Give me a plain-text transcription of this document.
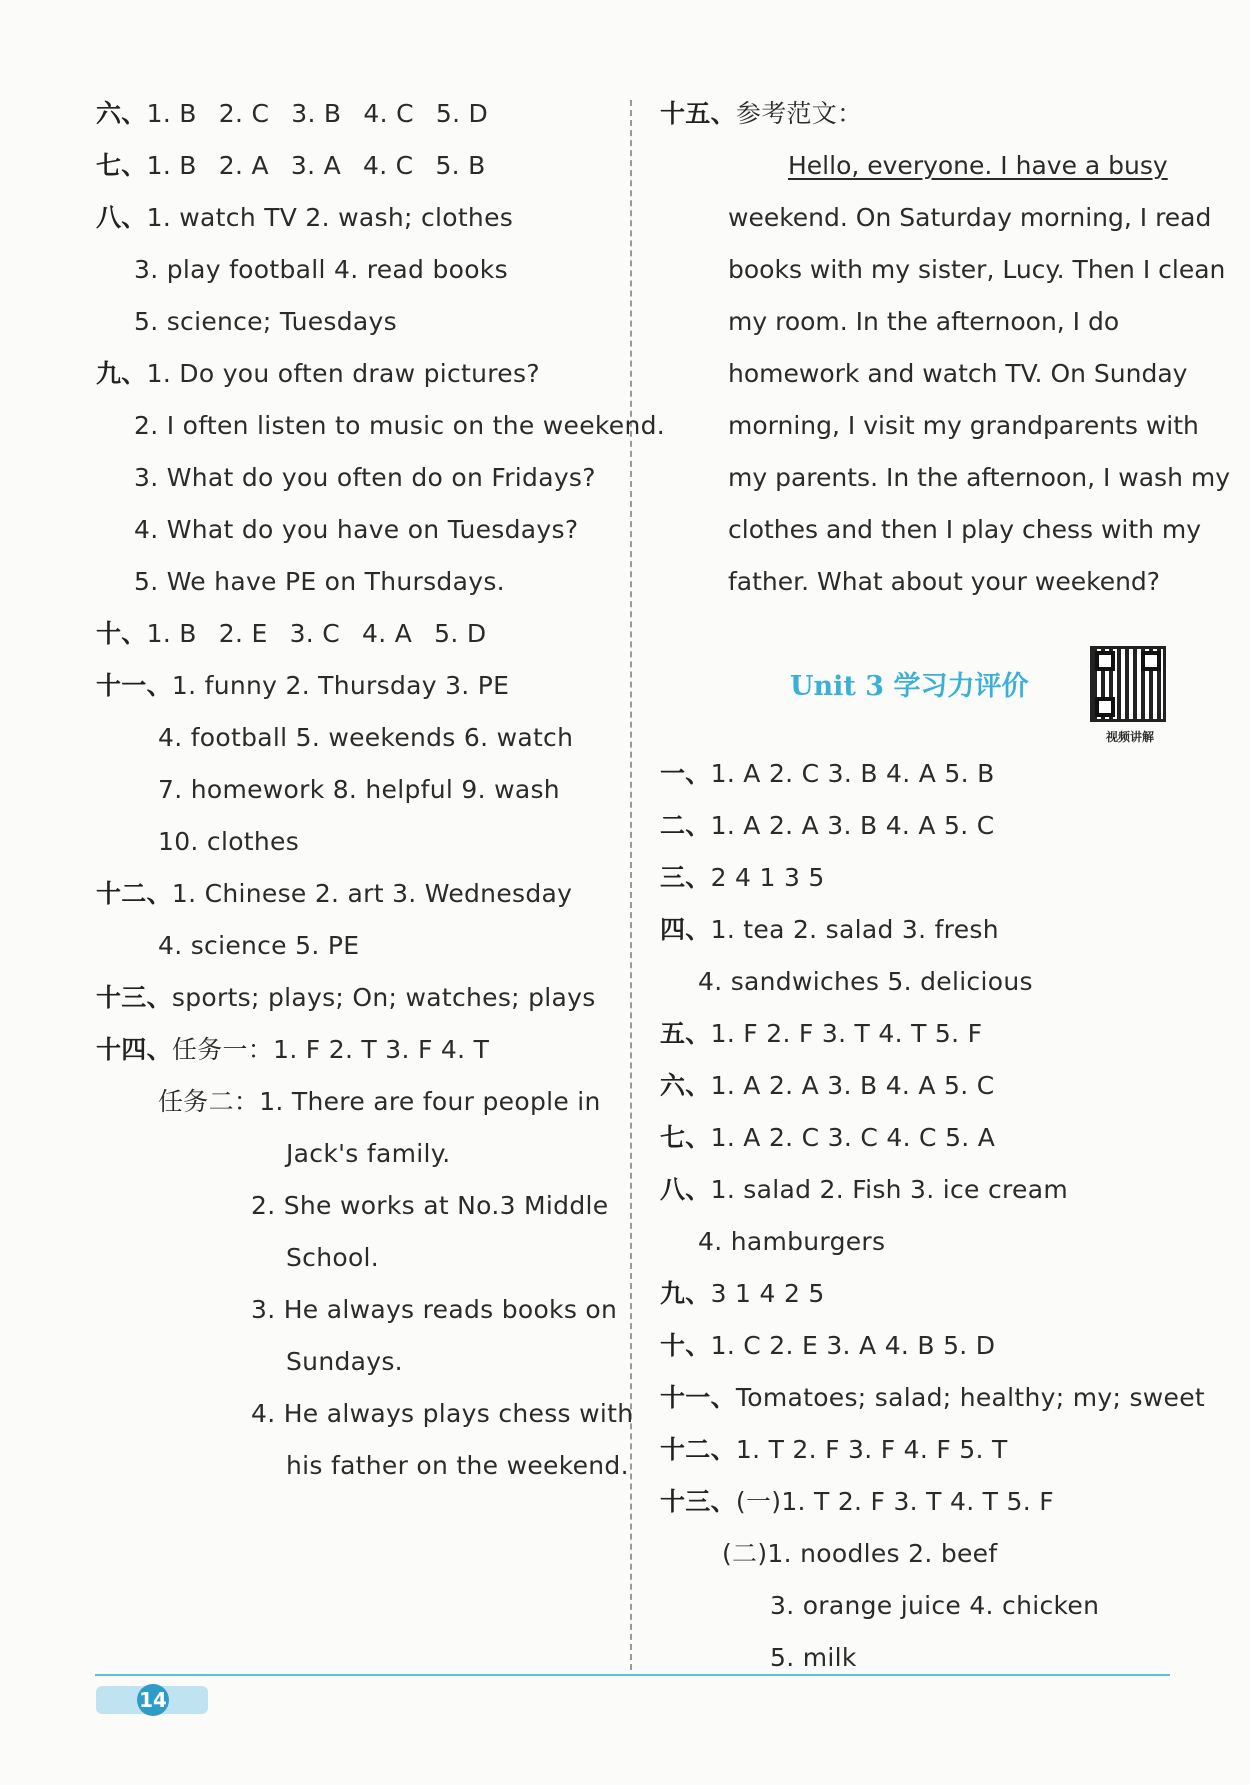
六、1. B 2. C 3. B 4. C 5. D
七、1. B 2. A 3. A 4. C 5. B
八、1. watch TV 2. wash; clothes
3. play football 4. read books
5. science; Tuesdays
九、1. Do you often draw pictures?
2. I often listen to music on the weekend.
3. What do you often do on Fridays?
4. What do you have on Tuesdays?
5. We have PE on Thursdays.
十、1. B 2. E 3. C 4. A 5. D
十一、1. funny 2. Thursday 3. PE
4. football 5. weekends 6. watch
7. homework 8. helpful 9. wash
10. clothes
十二、1. Chinese 2. art 3. Wednesday
4. science 5. PE
十三、sports; plays; On; watches; plays
十四、任务一：1. F 2. T 3. F 4. T
任务二：1. There are four people in
Jack's family.
2. She works at No.3 Middle
School.
3. He always reads books on
Sundays.
4. He always plays chess with
his father on the weekend.
十五、参考范文：
Hello, everyone. I have a busy
weekend. On Saturday morning, I read
books with my sister, Lucy. Then I clean
my room. In the afternoon, I do
homework and watch TV. On Sunday
morning, I visit my grandparents with
my parents. In the afternoon, I wash my
clothes and then I play chess with my
father. What about your weekend?
Unit 3 学习力评价
视频讲解
一、1. A 2. C 3. B 4. A 5. B
二、1. A 2. A 3. B 4. A 5. C
三、2 4 1 3 5
四、1. tea 2. salad 3. fresh
4. sandwiches 5. delicious
五、1. F 2. F 3. T 4. T 5. F
六、1. A 2. A 3. B 4. A 5. C
七、1. A 2. C 3. C 4. C 5. A
八、1. salad 2. Fish 3. ice cream
4. hamburgers
九、3 1 4 2 5
十、1. C 2. E 3. A 4. B 5. D
十一、Tomatoes; salad; healthy; my; sweet
十二、1. T 2. F 3. F 4. F 5. T
十三、(一)1. T 2. F 3. T 4. T 5. F
(二)1. noodles 2. beef
3. orange juice 4. chicken
5. milk
14
